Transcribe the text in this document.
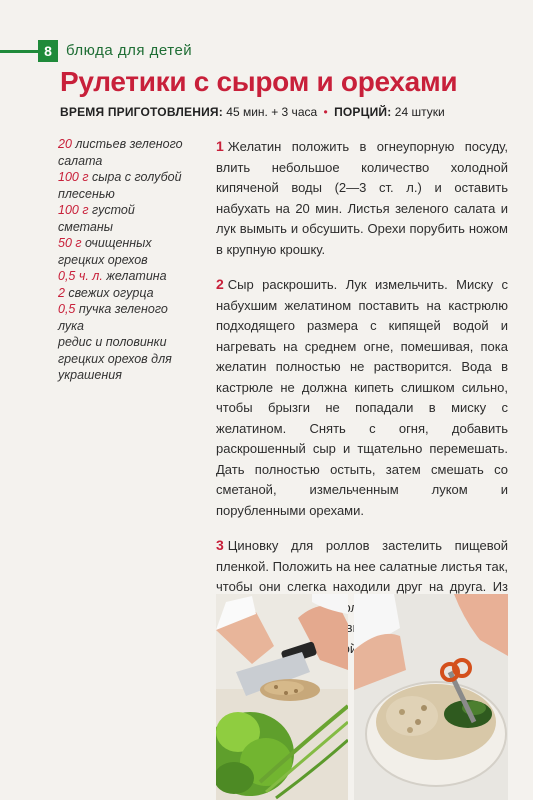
8 блюда для детей
Рулетики с сыром и орехами
ВРЕМЯ ПРИГОТОВЛЕНИЯ: 45 мин. + 3 часа • ПОРЦИЙ: 24 штуки
20 листьев зеленого салата
100 г сыра с голубой плесенью
100 г густой сметаны
50 г очищенных грецких орехов
0,5 ч. л. желатина
2 свежих огурца
0,5 пучка зеленого лука
редис и половинки грецких орехов для украшения
1 Желатин положить в огнеупорную посуду, влить небольшое количество холодной кипяченой воды (2—3 ст. л.) и оставить набухать на 20 мин. Листья зеленого салата и лук вымыть и обсушить. Орехи порубить ножом в крупную крошку.
2 Сыр раскрошить. Лук измельчить. Миску с набухшим желатином поставить на кастрюлю подходящего размера с кипящей водой и нагревать на среднем огне, помешивая, пока желатин полностью не растворится. Вода в кастрюле не должна кипеть слишком сильно, чтобы брызги не попадали в миску с желатином. Снять с огня, добавить раскрошенный сыр и тщательно перемешать. Дать полностью остыть, затем смешать со сметаной, измельченным луком и порубленными орехами.
3 Циновку для роллов застелить пищевой пленкой. Положить на нее салатные листья так, чтобы они слегка находили друг на друга. Из
